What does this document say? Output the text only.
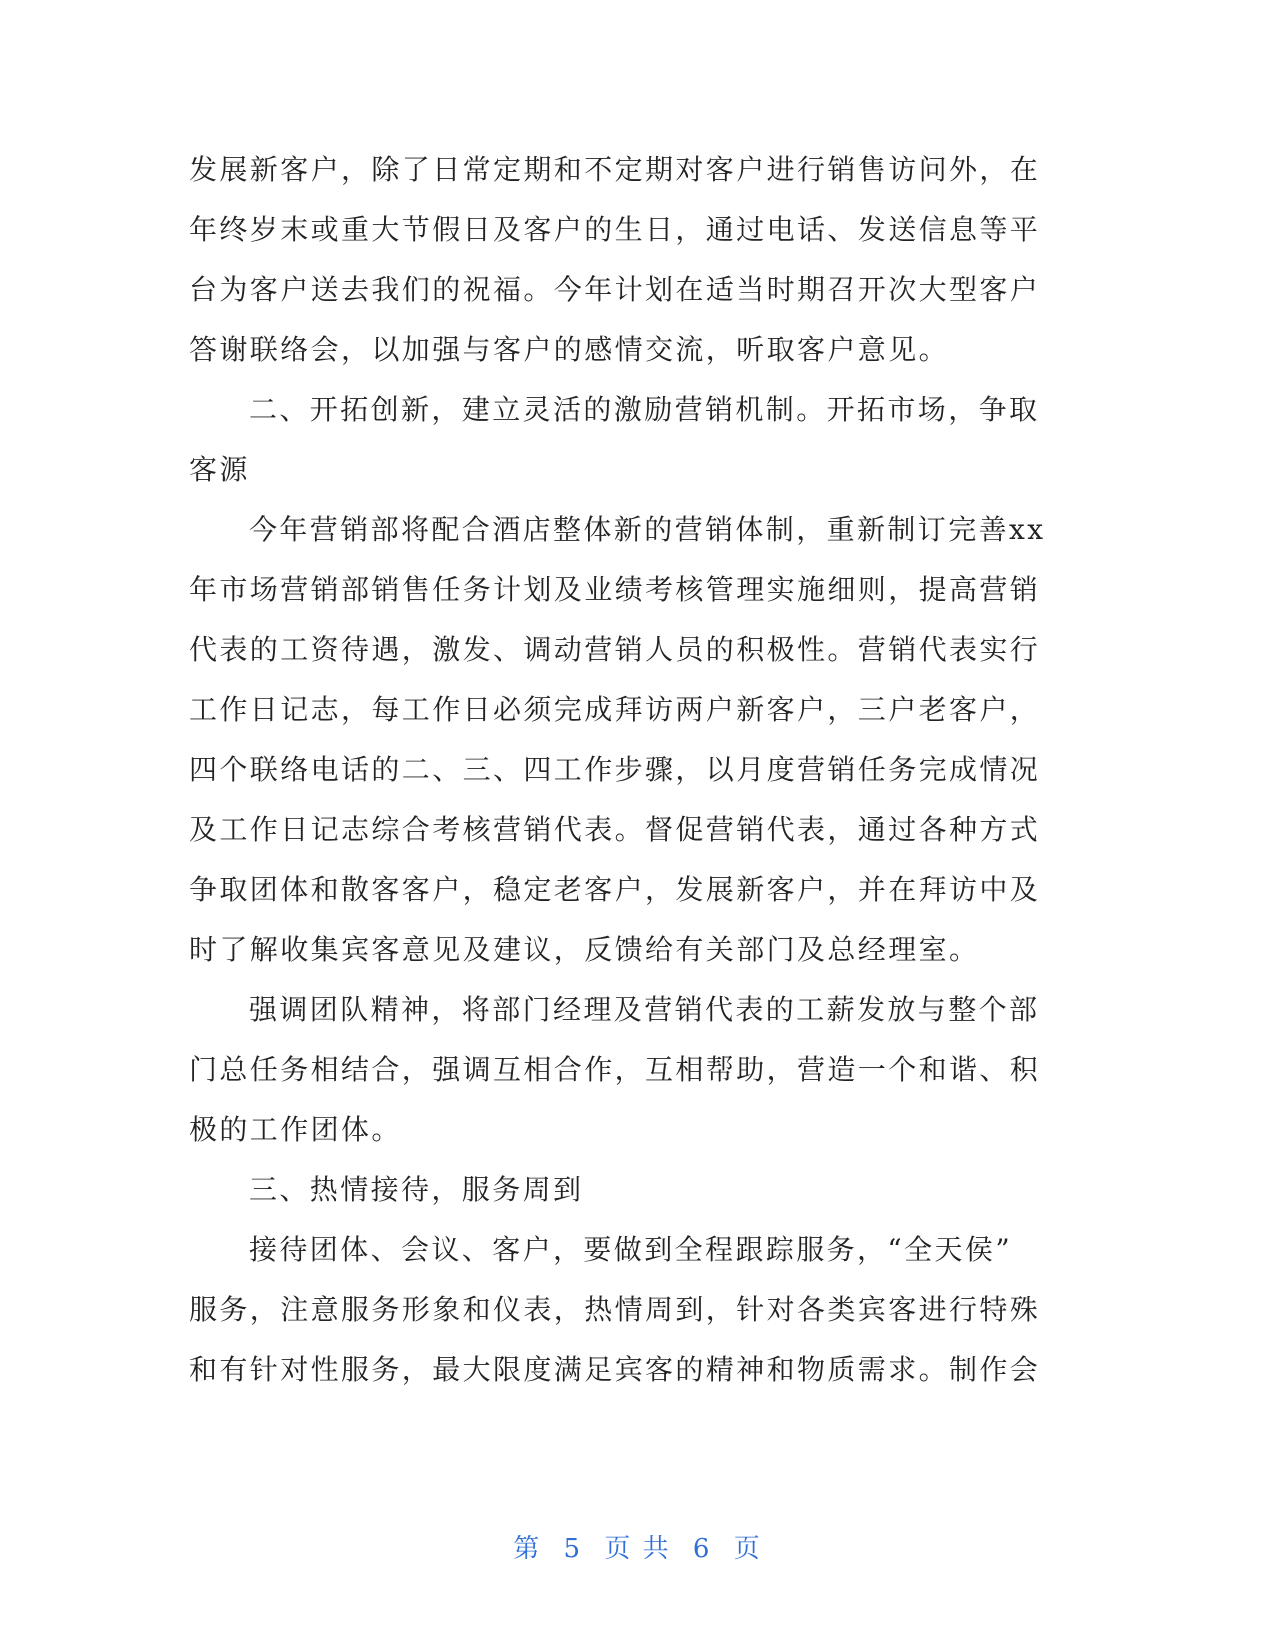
发展新客户，除了日常定期和不定期对客户进行销售访问外，在
年终岁末或重大节假日及客户的生日，通过电话、发送信息等平
台为客户送去我们的祝福。今年计划在适当时期召开次大型客户
答谢联络会，以加强与客户的感情交流，听取客户意见。
二、开拓创新，建立灵活的激励营销机制。开拓市场，争取
客源
今年营销部将配合酒店整体新的营销体制，重新制订完善xx
年市场营销部销售任务计划及业绩考核管理实施细则，提高营销
代表的工资待遇，激发、调动营销人员的积极性。营销代表实行
工作日记志，每工作日必须完成拜访两户新客户，三户老客户，
四个联络电话的二、三、四工作步骤，以月度营销任务完成情况
及工作日记志综合考核营销代表。督促营销代表，通过各种方式
争取团体和散客客户，稳定老客户，发展新客户，并在拜访中及
时了解收集宾客意见及建议，反馈给有关部门及总经理室。
强调团队精神，将部门经理及营销代表的工薪发放与整个部
门总任务相结合，强调互相合作，互相帮助，营造一个和谐、积
极的工作团体。
三、热情接待，服务周到
接待团体、会议、客户，要做到全程跟踪服务，“全天侯”
服务，注意服务形象和仪表，热情周到，针对各类宾客进行特殊
和有针对性服务，最大限度满足宾客的精神和物质需求。制作会
第 5 页 共 6 页
